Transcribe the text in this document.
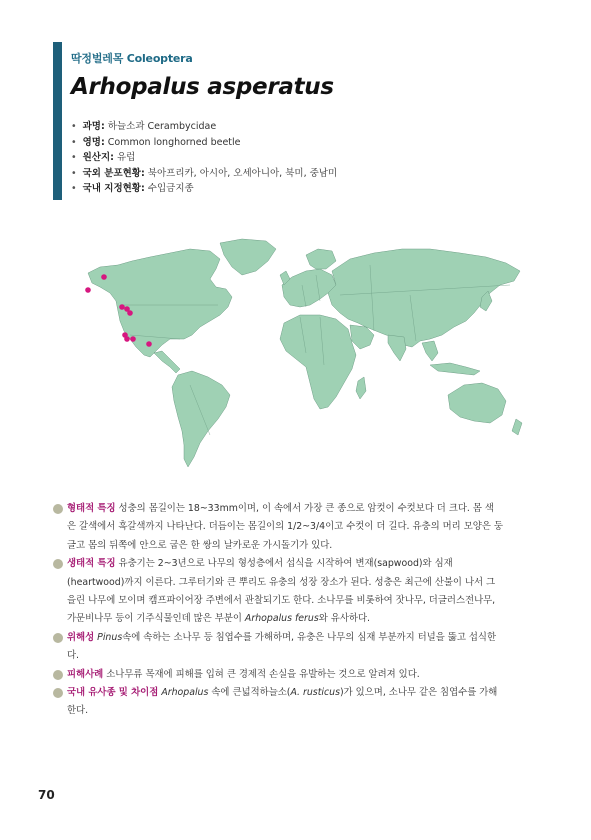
딱정벌레목 Coleoptera
Arhopalus asperatus
• 과명: 하늘소과 Cerambycidae
• 영명: Common longhorned beetle
• 원산지: 유럽
• 국외 분포현황: 북아프리카, 아시아, 오세아니아, 북미, 중남미
• 국내 지정현황: 수입금지종

형태적 특징 성충의 몸길이는 18~33mm이며, 이 속에서 가장 큰 종으로 암컷이 수컷보다 더 크다. 몸 색은 갈색에서 흑갈색까지 나타난다. 더듬이는 몸길이의 1/2~3/4이고 수컷이 더 길다. 유충의 머리 모양은 둥글고 몸의 뒤쪽에 안으로 굽은 한 쌍의 날카로운 가시돌기가 있다.

생태적 특징 유충기는 2~3년으로 나무의 형성층에서 섭식을 시작하여 변재(sapwood)와 심재(heartwood)까지 이른다. 그루터기와 큰 뿌리도 유충의 성장 장소가 된다. 성충은 최근에 산불이 나서 그을린 나무에 모이며 캠프파이어장 주변에서 관찰되기도 한다. 소나무를 비롯하여 잣나무, 더글러스전나무, 가문비나무 등이 기주식물인데 많은 부분이 Arhopalus ferus와 유사하다.

위해성 Pinus속에 속하는 소나무 등 침엽수를 가해하며, 유충은 나무의 심재 부분까지 터널을 뚫고 섭식한다.

피해사례 소나무류 목재에 피해를 입혀 큰 경제적 손실을 유발하는 것으로 알려져 있다.

국내 유사종 및 차이점 Arhopalus 속에 큰넓적하늘소(A. rusticus)가 있으며, 소나무 같은 침엽수를 가해한다.

70
